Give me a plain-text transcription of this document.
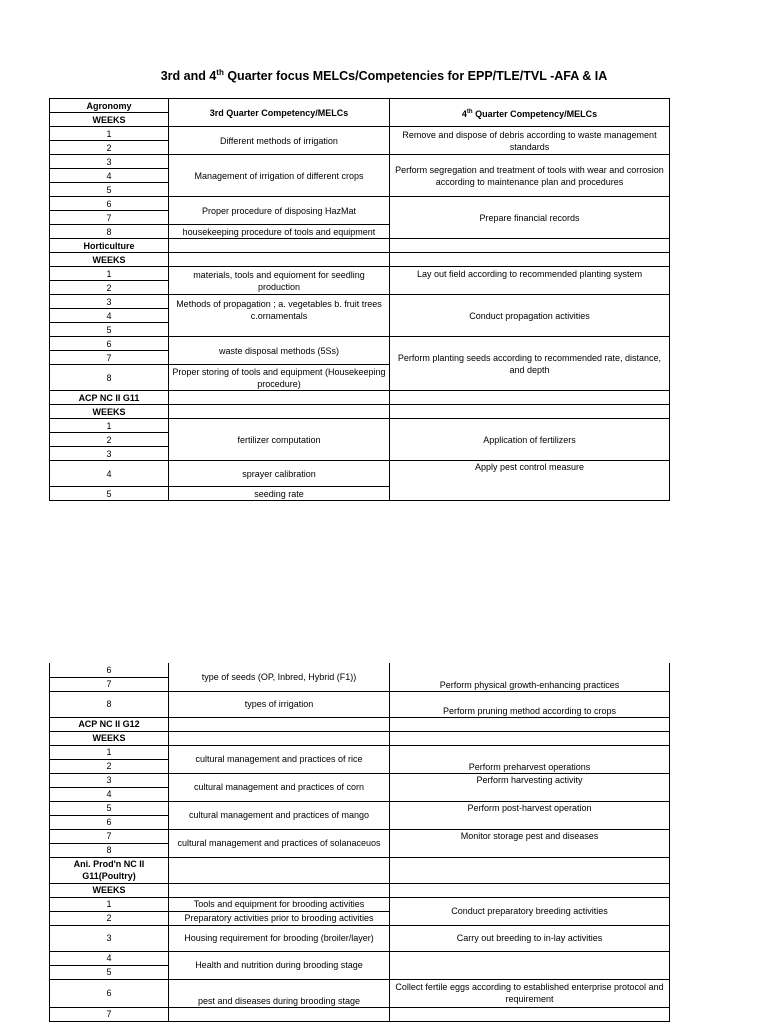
3rd and 4th Quarter focus MELCs/Competencies for EPP/TLE/TVL -AFA & IA
Agronomy	3rd Quarter Competency/MELCs	4th Quarter Competency/MELCs
WEEKS		
1	Different methods of irrigation	Remove and dispose of debris according to waste management standards
2		
3	Management of irrigation of different crops	Perform segregation and treatment of tools with wear and corrosion according to maintenance plan and procedures
4		
5		
6	Proper procedure of disposing HazMat	Prepare financial records
7		
8	housekeeping procedure of tools and equipment	
Horticulture		
WEEKS		
1	materials, tools and equioment for seedling production	Lay out field according to recommended planting system
2		
3	Methods of propagation ; a. vegetables b. fruit trees c.ornamentals	Conduct propagation activities
4		
5		
6	waste disposal methods (5Ss)	Perform planting seeds according to recommended rate, distance, and depth
7		
8	Proper storing of tools and equipment (Housekeeping procedure)	
ACP NC II G11		
WEEKS		
1	fertilizer computation	Application of fertilizers
2		
3		
4	sprayer calibration	Apply pest control measure
5	seeding rate	
6	type of seeds (OP, Inbred, Hybrid (F1))	Perform physical growth-enhancing practices
7		
8	types of irrigation	Perform pruning method according to crops
ACP NC II G12		
WEEKS		
1	cultural management and practices of rice	Perform preharvest operations
2		
3	cultural management and practices of corn	Perform harvesting activity
4		
5	cultural management and practices of mango	Perform post-harvest operation
6		
7	cultural management and practices of solanaceuos	Monitor storage pest and diseases
8		
Ani. Prod'n NC II G11(Poultry)		
WEEKS		
1	Tools and equipment for brooding activities	Conduct preparatory breeding activities
2	Preparatory activities prior to brooding activities	
3	Housing requirement for brooding (broiler/layer)	Carry out breeding to in-lay activities
4	Health and nutrition during brooding stage	
5		
6	pest and diseases during brooding stage	Collect fertile eggs according to established enterprise protocol and requirement
7		
